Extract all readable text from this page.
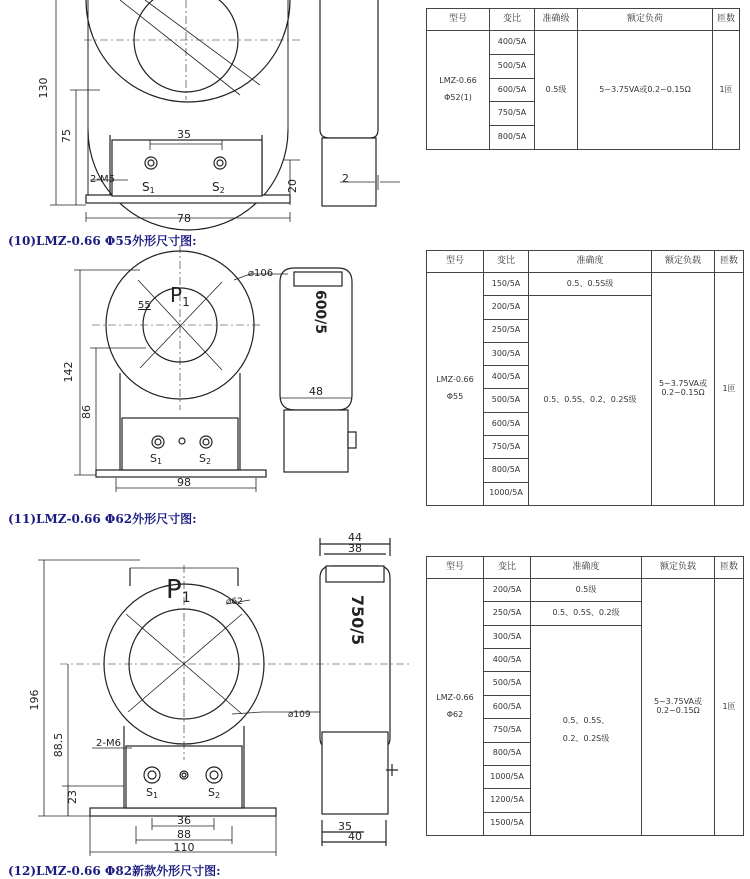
130
75	35
2-M5
S1	S2	20
78
2
⌀106
$P_1$
55
142
86
S1	S2
98
48
600/5
P1	⌀62
⌀109
196
88.5
23
2-M6
S1	S2
36
88
110
44
38
35
40
750/5
(10)LMZ-0.66 Φ55外形尺寸图:
(11)LMZ-0.66 Φ62外形尺寸图:
(12)LMZ-0.66 Φ82新款外形尺寸图:
型号	变比	准确级	额定负荷	匝数

LMZ-0.66

Φ52(1)	400/5A	0.5级	5~3.75VA或0.2~0.15Ω	1匝
	500/5A			
	600/5A			
	750/5A			
	800/5A			
型号	变比	准确度	额定负载	匝数

LMZ-0.66

Φ55	150/5A	0.5、0.5S级	5~3.75VA或0.2~0.15Ω	1匝
	200/5A	0.5、0.5S、0.2、0.2S级		
	250/5A			
	300/5A			
	400/5A			
	500/5A			
	600/5A			
	750/5A			
	800/5A			
	1000/5A			
型号	变比	准确度	额定负载	匝数

LMZ-0.66

Φ62	200/5A	0.5级	5~3.75VA或0.2~0.15Ω	1匝
	250/5A	0.5、0.5S、0.2级		
	300/5A	0.5、0.5S、

0.2、0.2S级		

	400/5A			
	500/5A			
	600/5A			
	750/5A			
	800/5A			
	1000/5A			
	1200/5A			
	1500/5A			
